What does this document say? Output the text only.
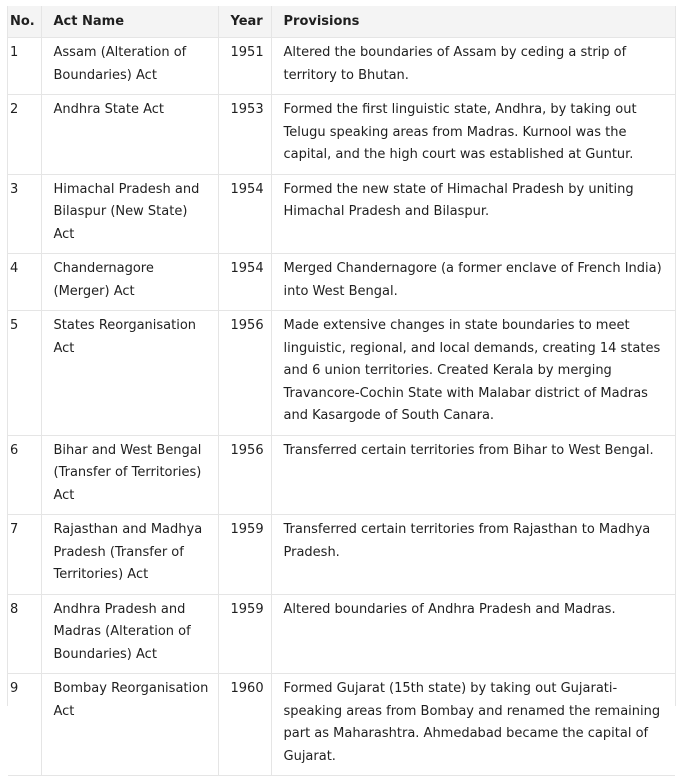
No.	Act Name	Year	Provisions
1	Assam (Alteration of Boundaries) Act	1951	Altered the boundaries of Assam by ceding a strip of territory to Bhutan.
2	Andhra State Act	1953	Formed the first linguistic state, Andhra, by taking out Telugu speaking areas from Madras. Kurnool was the capital, and the high court was established at Guntur.
3	Himachal Pradesh and Bilaspur (New State) Act	1954	Formed the new state of Himachal Pradesh by uniting Himachal Pradesh and Bilaspur.
4	Chandernagore (Merger) Act	1954	Merged Chandernagore (a former enclave of French India) into West Bengal.
5	States Reorganisation Act	1956	Made extensive changes in state boundaries to meet linguistic, regional, and local demands, creating 14 states and 6 union territories. Created Kerala by merging Travancore-Cochin State with Malabar district of Madras and Kasargode of South Canara.
6	Bihar and West Bengal (Transfer of Territories) Act	1956	Transferred certain territories from Bihar to West Bengal.
7	Rajasthan and Madhya Pradesh (Transfer of Territories) Act	1959	Transferred certain territories from Rajasthan to Madhya Pradesh.
8	Andhra Pradesh and Madras (Alteration of Boundaries) Act	1959	Altered boundaries of Andhra Pradesh and Madras.
9	Bombay Reorganisation Act	1960	Formed Gujarat (15th state) by taking out Gujarati-speaking areas from Bombay and renamed the remaining part as Maharashtra. Ahmedabad became the capital of Gujarat.
